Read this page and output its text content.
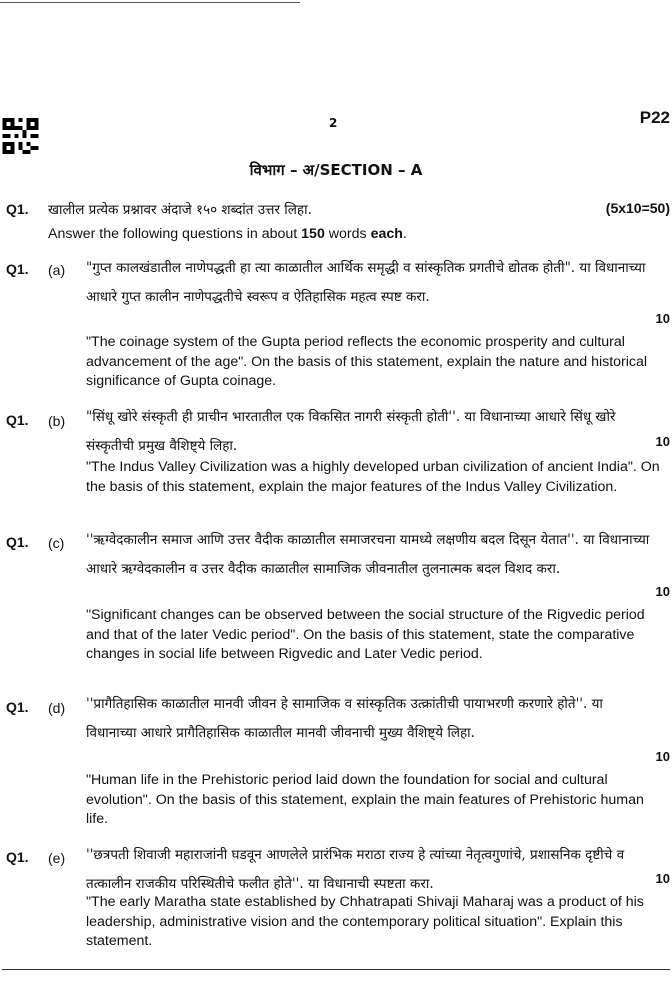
2	P22
विभाग – अ/SECTION – A
Q1. खालील प्रत्येक प्रश्नावर अंदाजे १५० शब्दांत उत्तर लिहा.	(5x10=50)
Answer the following questions in about 150 words each.
Q1. (a) "गुप्त कालखंडातील नाणेपद्धती हा त्या काळातील आर्थिक समृद्धी व सांस्कृतिक प्रगतीचे द्योतक होती". या विधानाच्या आधारे गुप्त कालीन नाणेपद्धतीचे स्वरूप व ऐतिहासिक महत्व स्पष्ट करा.
10
"The coinage system of the Gupta period reflects the economic prosperity and cultural advancement of the age". On the basis of this statement, explain the nature and historical significance of Gupta coinage.
Q1. (b) "सिंधू खोरे संस्कृती ही प्राचीन भारतातील एक विकसित नागरी संस्कृती होती''. या विधानाच्या आधारे सिंधू खोरे संस्कृतीची प्रमुख वैशिष्ट्ये लिहा.	10
"The Indus Valley Civilization was a highly developed urban civilization of ancient India". On the basis of this statement, explain the major features of the Indus Valley Civilization.
Q1. (c) ''ऋग्वेदकालीन समाज आणि उत्तर वैदीक काळातील समाजरचना यामध्ये लक्षणीय बदल दिसून येतात''. या विधानाच्या आधारे ऋग्वेदकालीन व उत्तर वैदीक काळातील सामाजिक जीवनातील तुलनात्मक बदल विशद करा.
10
"Significant changes can be observed between the social structure of the Rigvedic period and that of the later Vedic period". On the basis of this statement, state the comparative changes in social life between Rigvedic and Later Vedic period.
Q1. (d) ''प्रागैतिहासिक काळातील मानवी जीवन हे सामाजिक व सांस्कृतिक उत्क्रांतीची पायाभरणी करणारे होते''. या विधानाच्या आधारे प्रागैतिहासिक काळातील मानवी जीवनाची मुख्य वैशिष्ट्ये लिहा.
10
"Human life in the Prehistoric period laid down the foundation for social and cultural evolution". On the basis of this statement, explain the main features of Prehistoric human life.
Q1. (e) ''छत्रपती शिवाजी महाराजांनी घडवून आणलेले प्रारंभिक मराठा राज्य हे त्यांच्या नेतृत्वगुणांचे, प्रशासनिक दृष्टीचे व तत्कालीन राजकीय परिस्थितीचे फलीत होते''. या विधानाची स्पष्टता करा.	10
"The early Maratha state established by Chhatrapati Shivaji Maharaj was a product of his leadership, administrative vision and the contemporary political situation". Explain this statement.
